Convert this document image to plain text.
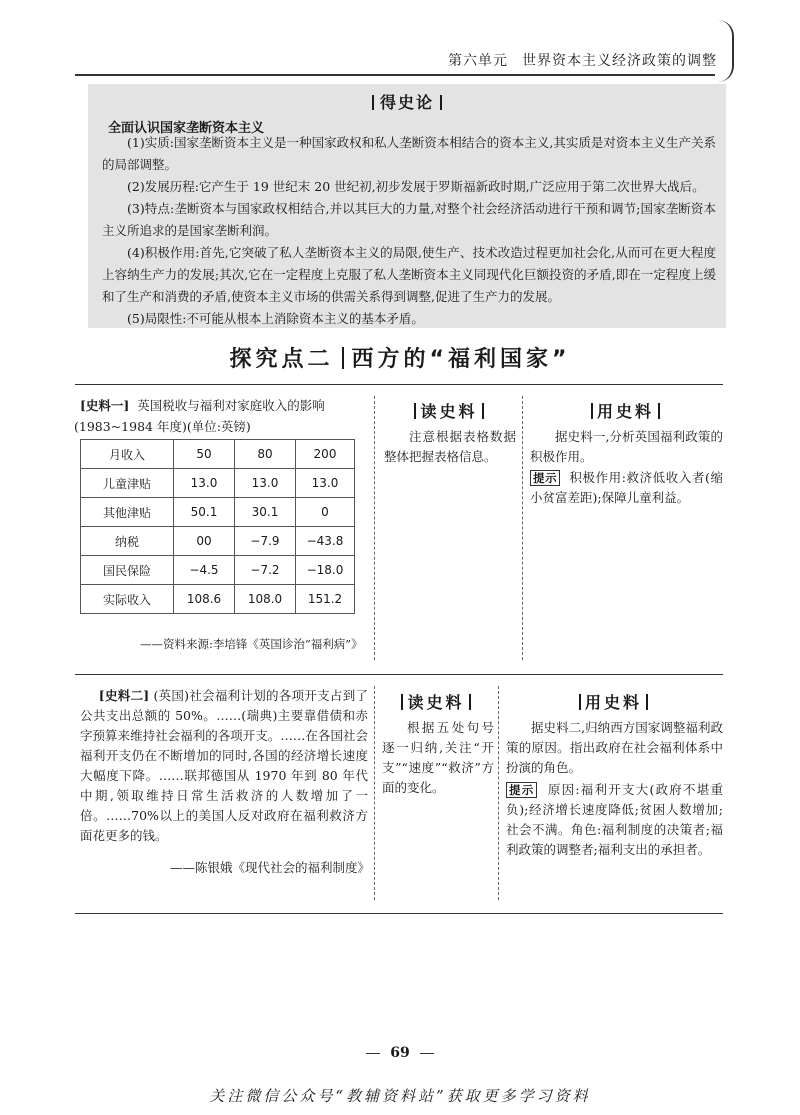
第六单元 世界资本主义经济政策的调整
得史论
全面认识国家垄断资本主义
(1)实质:国家垄断资本主义是一种国家政权和私人垄断资本相结合的资本主义,其实质是对资本主义生产关系的局部调整。
(2)发展历程:它产生于 19 世纪末 20 世纪初,初步发展于罗斯福新政时期,广泛应用于第二次世界大战后。
(3)特点:垄断资本与国家政权相结合,并以其巨大的力量,对整个社会经济活动进行干预和调节;国家垄断资本主义所追求的是国家垄断利润。
(4)积极作用:首先,它突破了私人垄断资本主义的局限,使生产、技术改造过程更加社会化,从而可在更大程度上容纳生产力的发展;其次,它在一定程度上克服了私人垄断资本主义同现代化巨额投资的矛盾,即在一定程度上缓和了生产和消费的矛盾,使资本主义市场的供需关系得到调整,促进了生产力的发展。
(5)局限性:不可能从根本上消除资本主义的基本矛盾。
探究点二 西方的“福利国家”
[史料一] 英国税收与福利对家庭收入的影响
(1983~1984 年度)(单位:英镑)
月收入	50	80	200
儿童津贴	13.0	13.0	13.0
其他津贴	50.1	30.1	0
纳税	00	−7.9	−43.8
国民保险	−4.5	−7.2	−18.0
实际收入	108.6	108.0	151.2
——资料来源:李培锋《英国诊治“福利病”》
读史料
注意根据表格数据整体把握表格信息。
用史料
据史料一,分析英国福利政策的积极作用。
提示 积极作用:救济低收入者(缩小贫富差距);保障儿童利益。
[史料二] (英国)社会福利计划的各项开支占到了公共支出总额的 50%。……(瑞典)主要靠借债和赤字预算来维持社会福利的各项开支。……在各国社会福利开支仍在不断增加的同时,各国的经济增长速度大幅度下降。……联邦德国从 1970 年到 80 年代中期,领取维持日常生活救济的人数增加了一倍。……70%以上的美国人反对政府在福利救济方面花更多的钱。
——陈银娥《现代社会的福利制度》
读史料
根据五处句号逐一归纳,关注“开支”“速度”“救济”方面的变化。
用史料
据史料二,归纳西方国家调整福利政策的原因。指出政府在社会福利体系中扮演的角色。
提示 原因:福利开支大(政府不堪重负);经济增长速度降低;贫困人数增加;社会不满。角色:福利制度的决策者;福利政策的调整者;福利支出的承担者。
69
关注微信公众号“教辅资料站”获取更多学习资料
